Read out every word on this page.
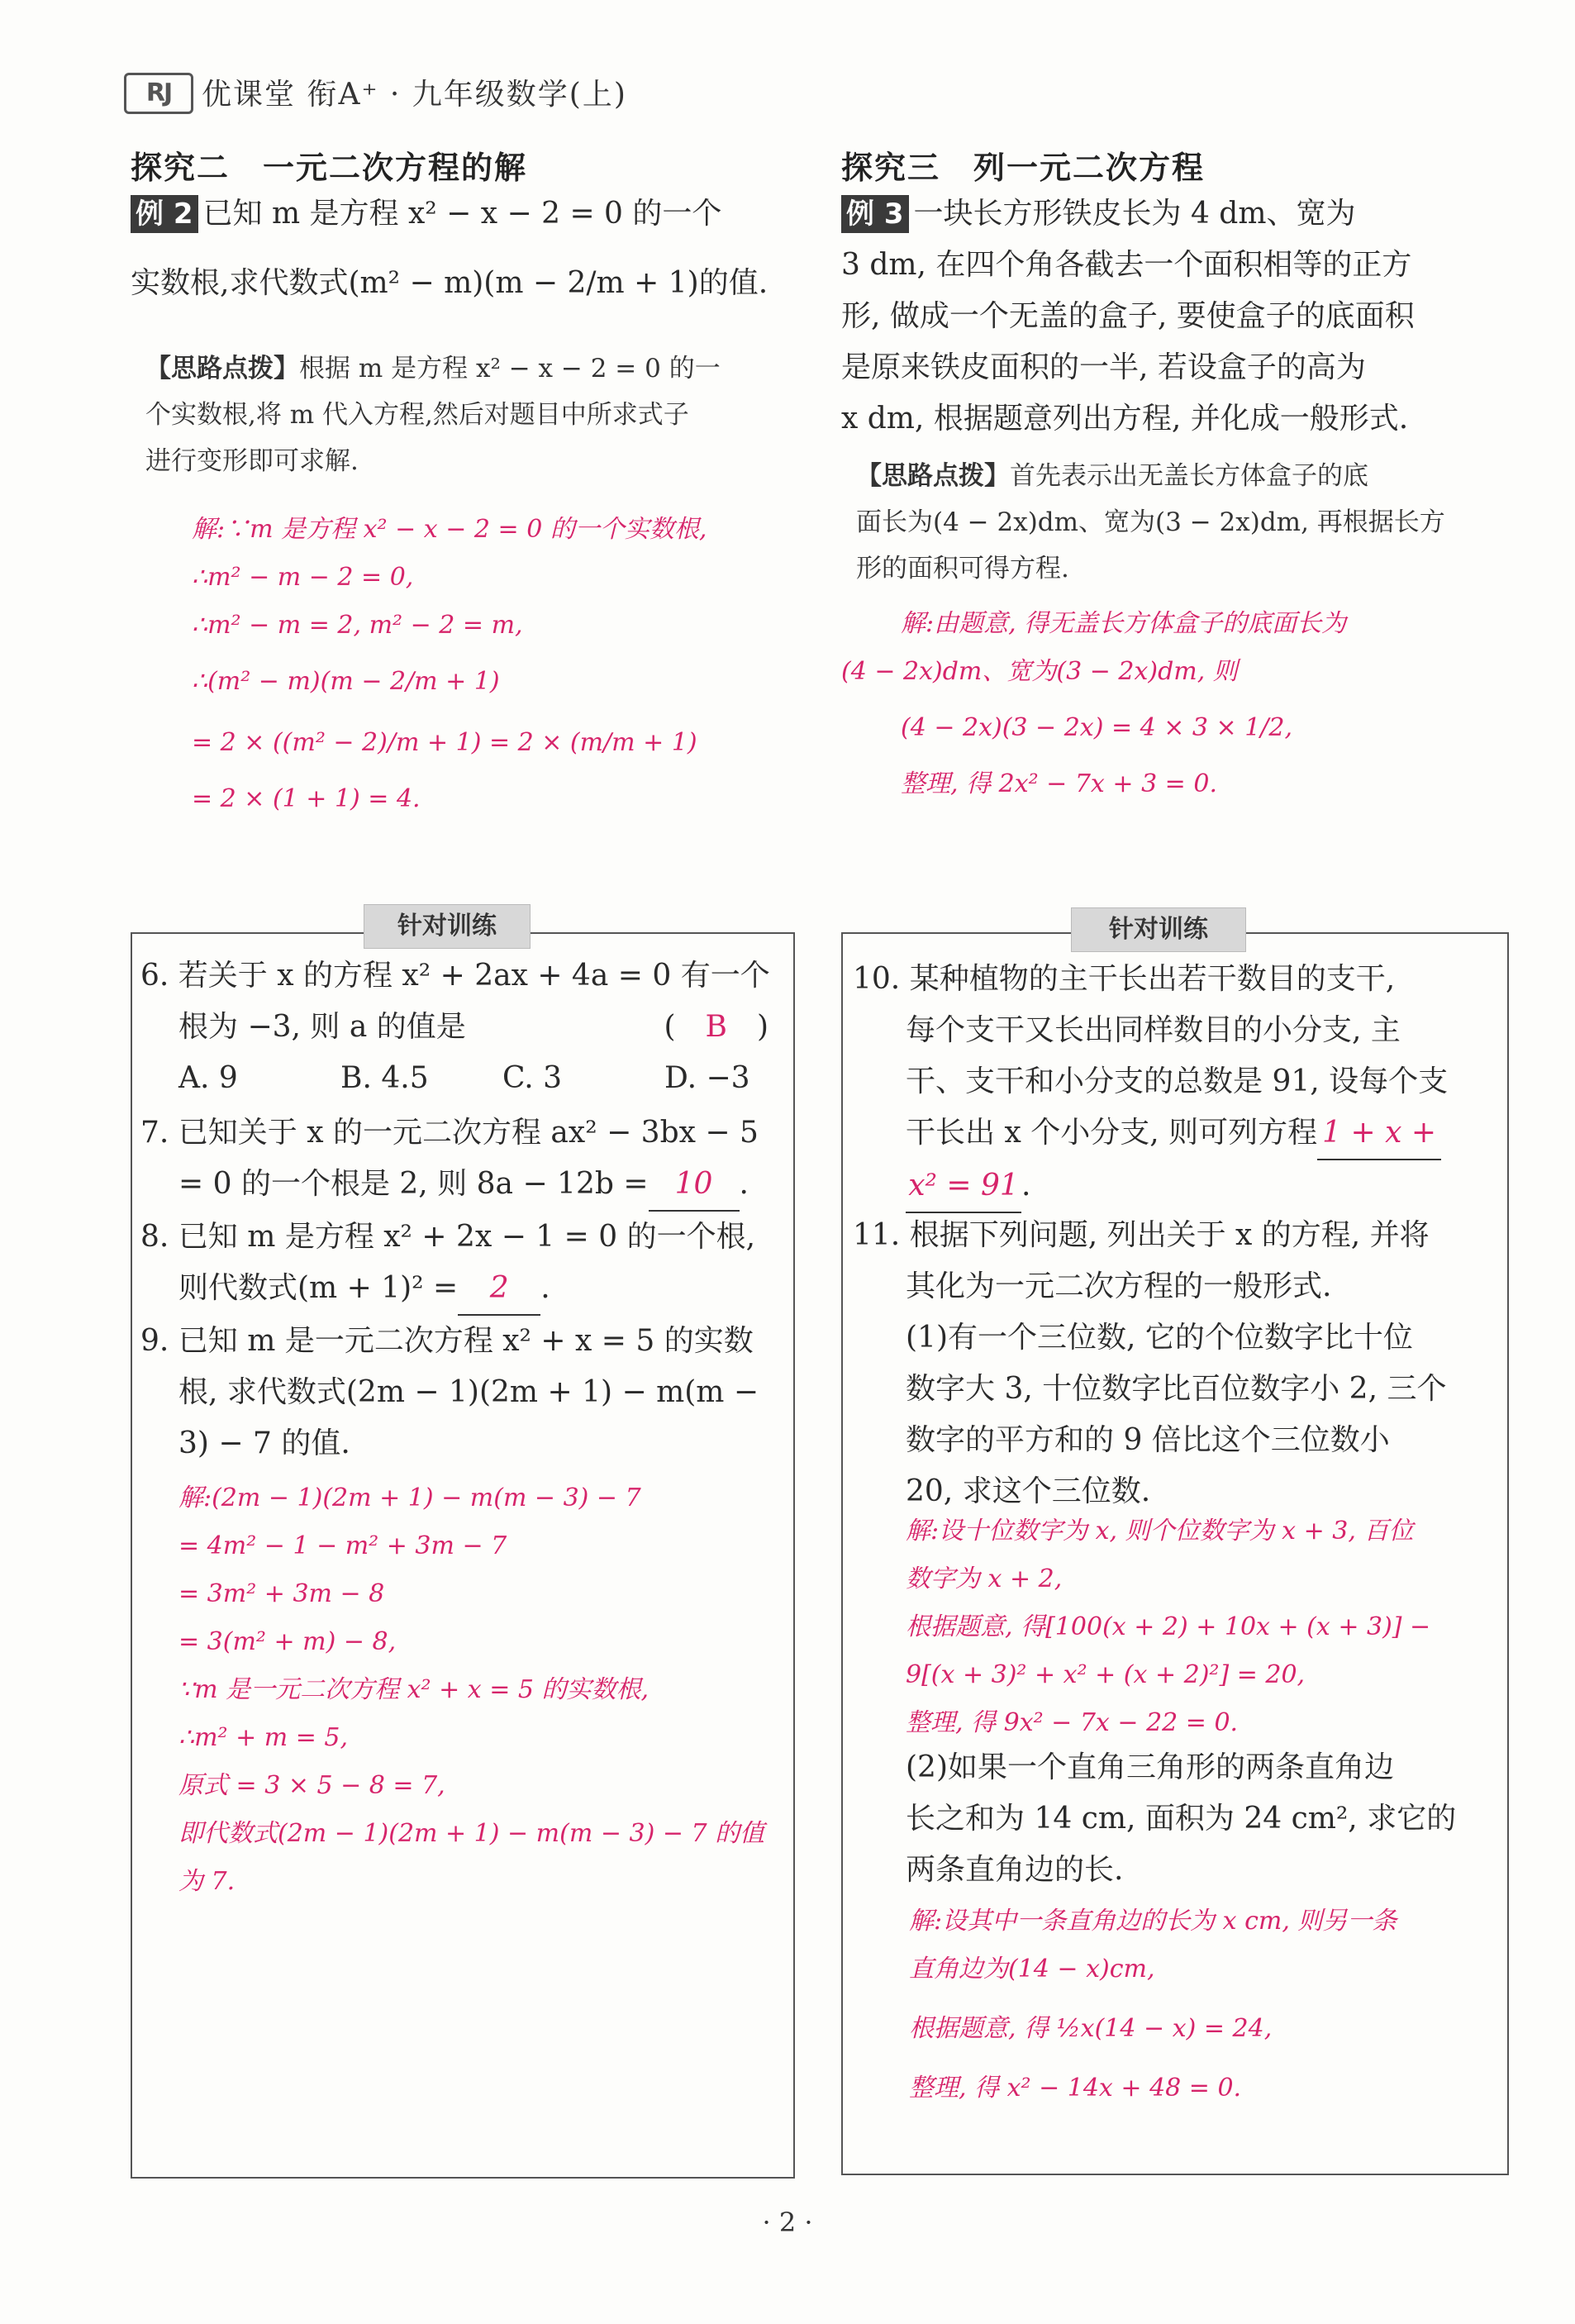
RJ	优课堂 衔A⁺ · 九年级数学(上)
探究二　一元二次方程的解
例 2 已知 m 是方程 x² − x − 2 = 0 的一个
实数根,求代数式(m² − m)(m − 2/m + 1)的值.
【思路点拨】根据 m 是方程 x² − x − 2 = 0 的一
个实数根,将 m 代入方程,然后对题目中所求式子
进行变形即可求解.
解:∵m 是方程 x² − x − 2 = 0 的一个实数根,
∴m² − m − 2 = 0,
∴m² − m = 2, m² − 2 = m,
∴(m² − m)(m − 2/m + 1)
= 2 × ((m² − 2)/m + 1) = 2 × (m/m + 1)
= 2 × (1 + 1) = 4.
针对训练
6. 若关于 x 的方程 x² + 2ax + 4a = 0 有一个
根为 −3, 则 a 的值是	(　B　)
A. 9	B. 4.5	C. 3	D. −3
7. 已知关于 x 的一元二次方程 ax² − 3bx − 5
= 0 的一个根是 2, 则 8a − 12b = 10 .
8. 已知 m 是方程 x² + 2x − 1 = 0 的一个根,
则代数式(m + 1)² = 2 .
9. 已知 m 是一元二次方程 x² + x = 5 的实数
根, 求代数式(2m − 1)(2m + 1) − m(m −
3) − 7 的值.
解:(2m − 1)(2m + 1) − m(m − 3) − 7
= 4m² − 1 − m² + 3m − 7
= 3m² + 3m − 8
= 3(m² + m) − 8,
∵m 是一元二次方程 x² + x = 5 的实数根,
∴m² + m = 5,
原式 = 3 × 5 − 8 = 7,
即代数式(2m − 1)(2m + 1) − m(m − 3) − 7 的值
为 7.
探究三　列一元二次方程
例 3 一块长方形铁皮长为 4 dm、宽为
3 dm, 在四个角各截去一个面积相等的正方
形, 做成一个无盖的盒子, 要使盒子的底面积
是原来铁皮面积的一半, 若设盒子的高为
x dm, 根据题意列出方程, 并化成一般形式.
【思路点拨】首先表示出无盖长方体盒子的底
面长为(4 − 2x)dm、宽为(3 − 2x)dm, 再根据长方
形的面积可得方程.
解:由题意, 得无盖长方体盒子的底面长为
(4 − 2x)dm、宽为(3 − 2x)dm, 则
(4 − 2x)(3 − 2x) = 4 × 3 × 1/2,
整理, 得 2x² − 7x + 3 = 0.
针对训练
10. 某种植物的主干长出若干数目的支干,
每个支干又长出同样数目的小分支, 主
干、支干和小分支的总数是 91, 设每个支
干长出 x 个小分支, 则可列方程 1 + x +
x² = 91.
11. 根据下列问题, 列出关于 x 的方程, 并将
其化为一元二次方程的一般形式.
(1)有一个三位数, 它的个位数字比十位
数字大 3, 十位数字比百位数字小 2, 三个
数字的平方和的 9 倍比这个三位数小
20, 求这个三位数.
解:设十位数字为 x, 则个位数字为 x + 3, 百位
数字为 x + 2,
根据题意, 得[100(x + 2) + 10x + (x + 3)] −
9[(x + 3)² + x² + (x + 2)²] = 20,
整理, 得 9x² − 7x − 22 = 0.
(2)如果一个直角三角形的两条直角边
长之和为 14 cm, 面积为 24 cm², 求它的
两条直角边的长.
解:设其中一条直角边的长为 x cm, 则另一条
直角边为(14 − x)cm,
根据题意, 得 ½x(14 − x) = 24,
整理, 得 x² − 14x + 48 = 0.
· 2 ·
